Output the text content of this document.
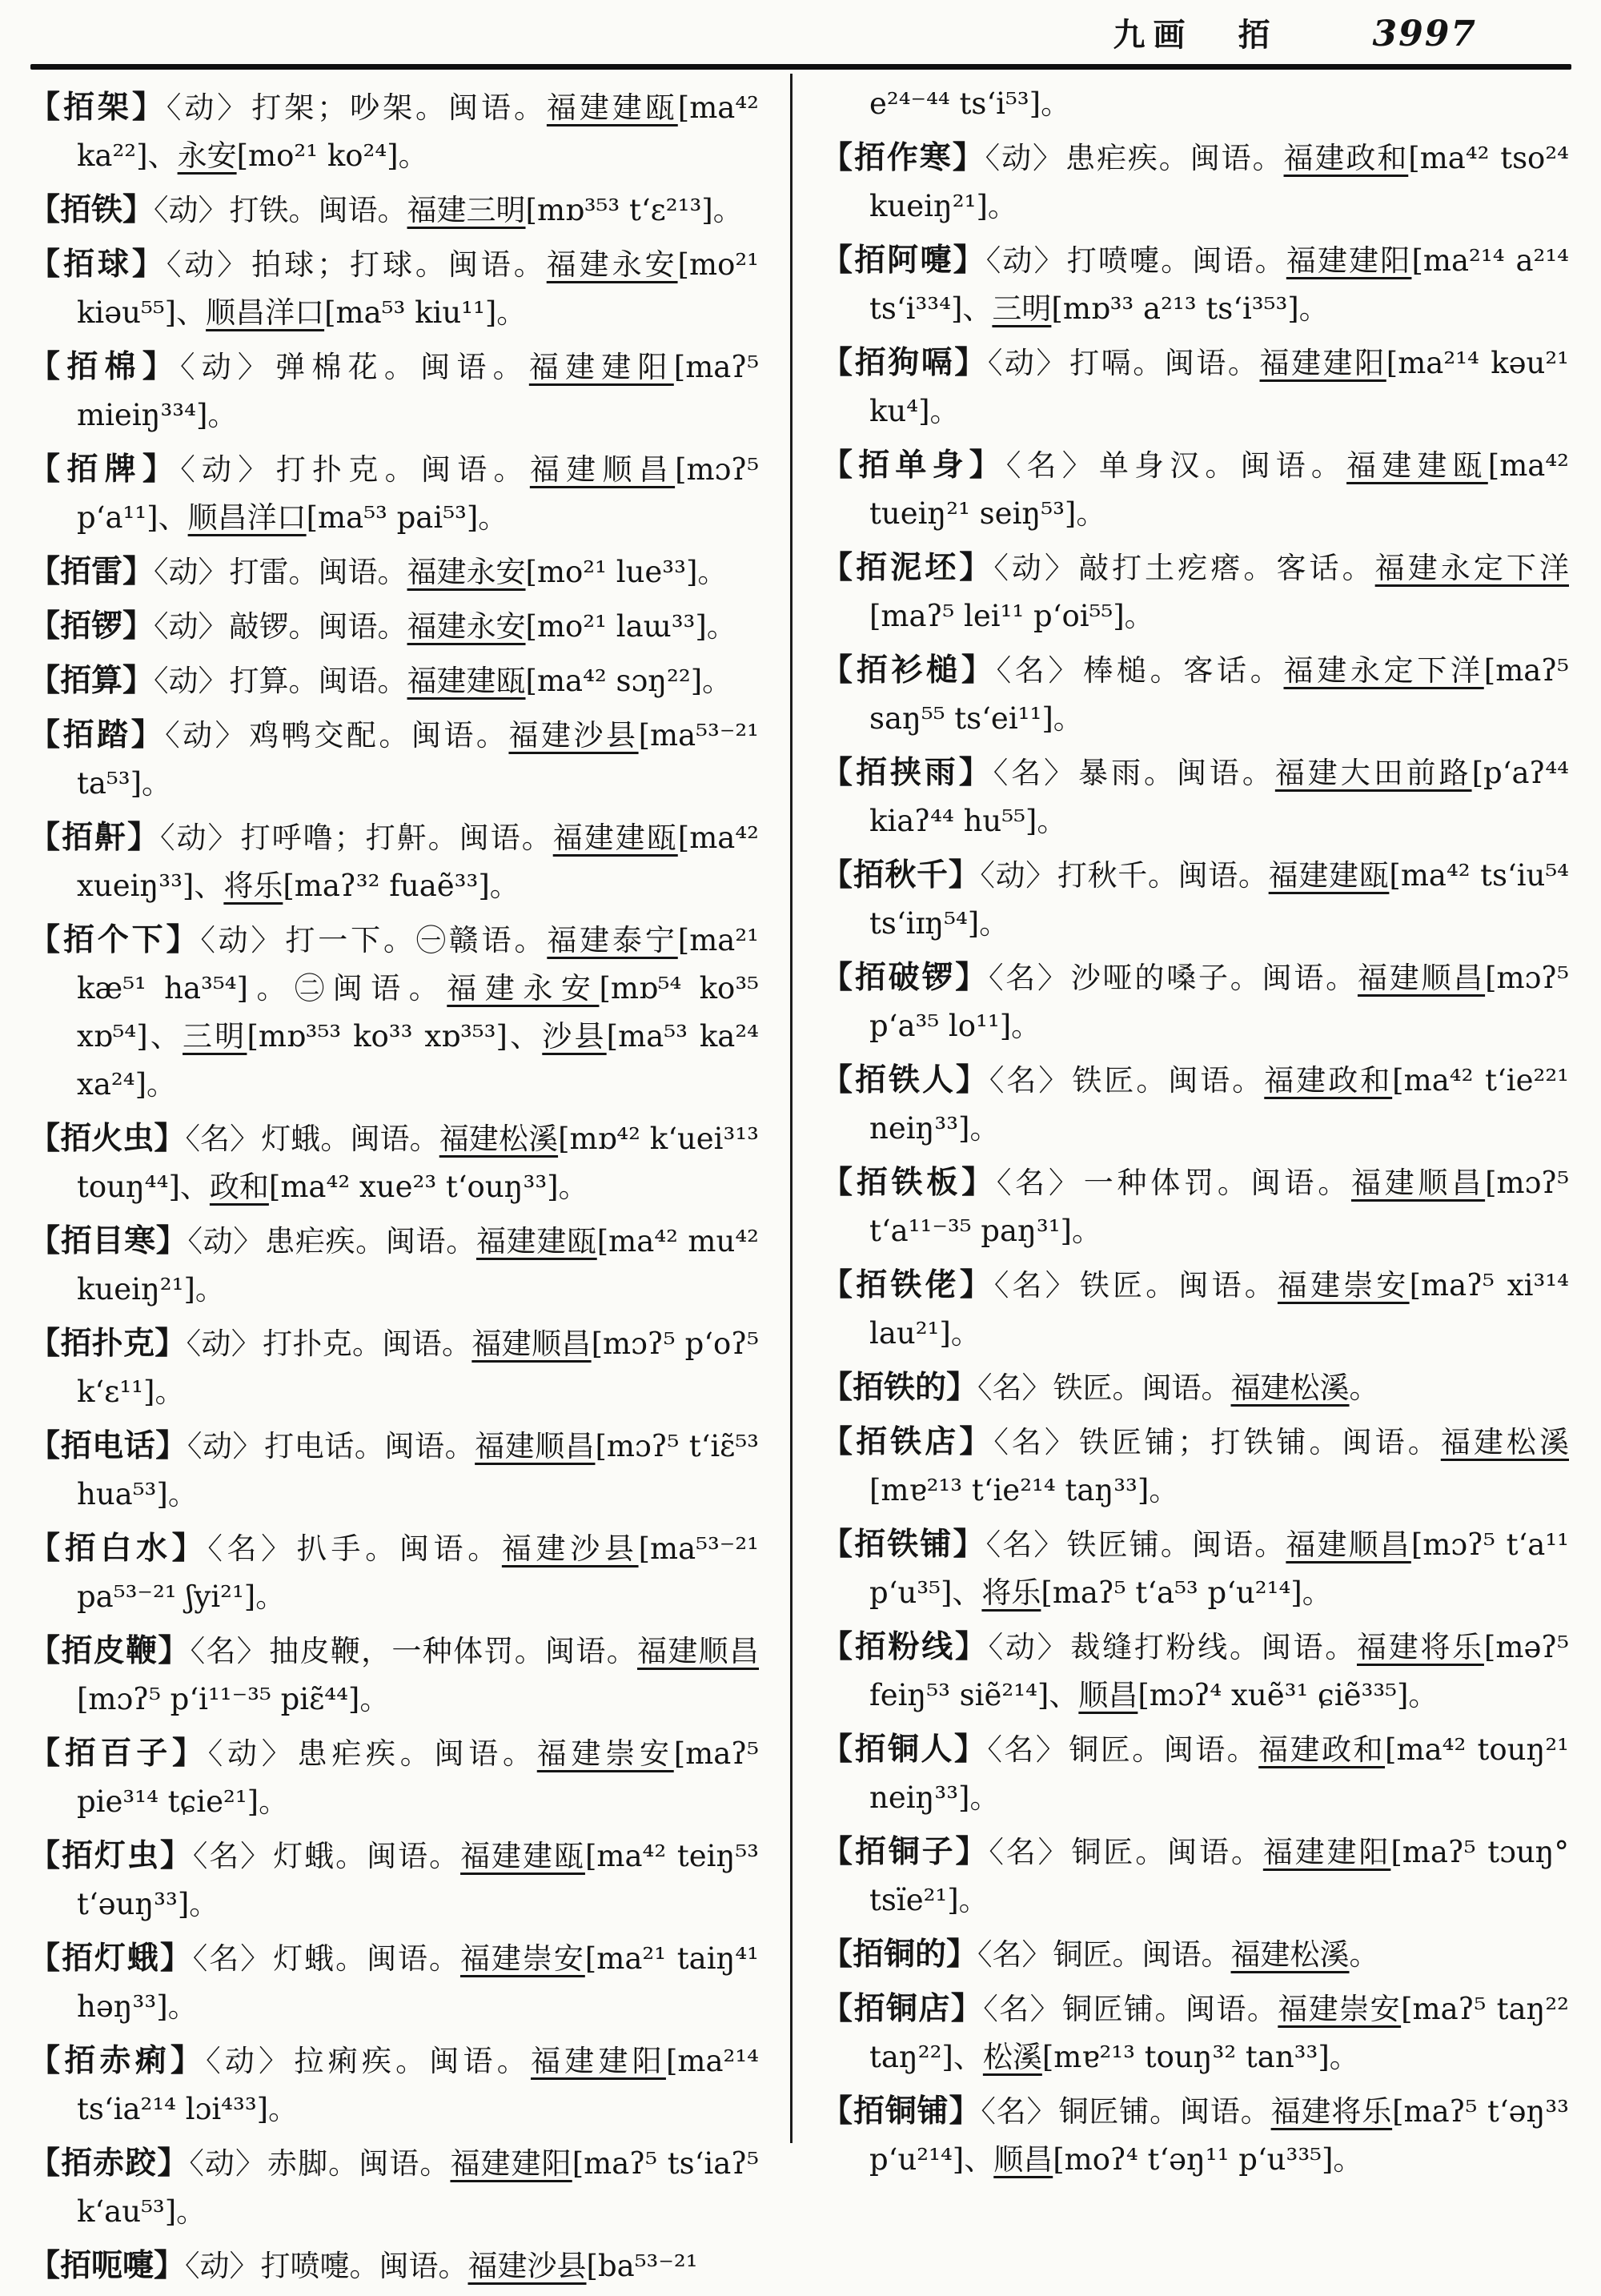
九画 𢫦	3997

【𢫦架】〈动〉打架；吵架。闽语。福建建瓯[ma⁴² ka²²]、永安[mo²¹ ko²⁴]。

【𢫦铁】〈动〉打铁。闽语。福建三明[mɒ³⁵³ t‘ɛ²¹³]。

【𢫦球】〈动〉拍球；打球。闽语。福建永安[mo²¹ kiəu⁵⁵]、顺昌洋口[ma⁵³ kiu¹¹]。

【𢫦棉】〈动〉弹棉花。闽语。福建建阳[maʔ⁵ mieiŋ³³⁴]。

【𢫦牌】〈动〉打扑克。闽语。福建顺昌[mɔʔ⁵ p‘a¹¹]、顺昌洋口[ma⁵³ pai⁵³]。

【𢫦雷】〈动〉打雷。闽语。福建永安[mo²¹ lue³³]。

【𢫦锣】〈动〉敲锣。闽语。福建永安[mo²¹ laɯ³³]。

【𢫦算】〈动〉打算。闽语。福建建瓯[ma⁴² sɔŋ²²]。

【𢫦踏】〈动〉鸡鸭交配。闽语。福建沙县[ma⁵³⁻²¹ ta⁵³]。

【𢫦鼾】〈动〉打呼噜；打鼾。闽语。福建建瓯[ma⁴² xueiŋ³³]、将乐[maʔ³² fuaẽ³³]。

【𢫦个下】〈动〉打一下。㊀赣语。福建泰宁[ma²¹ kæ⁵¹ ha³⁵⁴]。㊁闽语。福建永安[mɒ⁵⁴ ko³⁵ xɒ⁵⁴]、三明[mɒ³⁵³ ko³³ xɒ³⁵³]、沙县[ma⁵³ ka²⁴ xa²⁴]。

【𢫦火虫】〈名〉灯蛾。闽语。福建松溪[mɒ⁴² k‘uei³¹³ touŋ⁴⁴]、政和[ma⁴² xue²³ t‘ouŋ³³]。

【𢫦目寒】〈动〉患疟疾。闽语。福建建瓯[ma⁴² mu⁴² kueiŋ²¹]。

【𢫦扑克】〈动〉打扑克。闽语。福建顺昌[mɔʔ⁵ p‘oʔ⁵ k‘ɛ¹¹]。

【𢫦电话】〈动〉打电话。闽语。福建顺昌[mɔʔ⁵ t‘iɛ̃⁵³ hua⁵³]。

【𢫦白水】〈名〉扒手。闽语。福建沙县[ma⁵³⁻²¹ pa⁵³⁻²¹ ʃyi²¹]。

【𢫦皮鞭】〈名〉抽皮鞭，一种体罚。闽语。福建顺昌[mɔʔ⁵ p‘i¹¹⁻³⁵ piɛ̃⁴⁴]。

【𢫦百子】〈动〉患疟疾。闽语。福建崇安[maʔ⁵ pie³¹⁴ tɕie²¹]。

【𢫦灯虫】〈名〉灯蛾。闽语。福建建瓯[ma⁴² teiŋ⁵³ t‘əuŋ³³]。

【𢫦灯蛾】〈名〉灯蛾。闽语。福建崇安[ma²¹ taiŋ⁴¹ həŋ³³]。

【𢫦赤痢】〈动〉拉痢疾。闽语。福建建阳[ma²¹⁴ ts‘ia²¹⁴ lɔi⁴³³]。

【𢫦赤跤】〈动〉赤脚。闽语。福建建阳[maʔ⁵ ts‘iaʔ⁵ k‘au⁵³]。

【𢫦呃嚏】〈动〉打喷嚏。闽语。福建沙县[ba⁵³⁻²¹

e²⁴⁻⁴⁴ ts‘i⁵³]。

【𢫦作寒】〈动〉患疟疾。闽语。福建政和[ma⁴² tso²⁴ kueiŋ²¹]。

【𢫦阿嚏】〈动〉打喷嚏。闽语。福建建阳[ma²¹⁴ a²¹⁴ ts‘i³³⁴]、三明[mɒ³³ a²¹³ ts‘i³⁵³]。

【𢫦狗嗝】〈动〉打嗝。闽语。福建建阳[ma²¹⁴ kəu²¹ ku⁴]。

【𢫦单身】〈名〉单身汉。闽语。福建建瓯[ma⁴² tueiŋ²¹ seiŋ⁵³]。

【𢫦泥坯】〈动〉敲打土疙瘩。客话。福建永定下洋[maʔ⁵ lei¹¹ p‘oi⁵⁵]。

【𢫦衫槌】〈名〉棒槌。客话。福建永定下洋[maʔ⁵ saŋ⁵⁵ ts‘ei¹¹]。

【𢫦挟雨】〈名〉暴雨。闽语。福建大田前路[p‘aʔ⁴⁴ kiaʔ⁴⁴ hu⁵⁵]。

【𢫦秋千】〈动〉打秋千。闽语。福建建瓯[ma⁴² ts‘iu⁵⁴ ts‘iɪŋ⁵⁴]。

【𢫦破锣】〈名〉沙哑的嗓子。闽语。福建顺昌[mɔʔ⁵ p‘a³⁵ lo¹¹]。

【𢫦铁人】〈名〉铁匠。闽语。福建政和[ma⁴² t‘ie²²¹ neiŋ³³]。

【𢫦铁板】〈名〉一种体罚。闽语。福建顺昌[mɔʔ⁵ t‘a¹¹⁻³⁵ paŋ³¹]。

【𢫦铁佬】〈名〉铁匠。闽语。福建崇安[maʔ⁵ xi³¹⁴ lau²¹]。

【𢫦铁的】〈名〉铁匠。闽语。福建松溪。

【𢫦铁店】〈名〉铁匠铺；打铁铺。闽语。福建松溪[mɐ²¹³ t‘ie²¹⁴ taŋ³³]。

【𢫦铁铺】〈名〉铁匠铺。闽语。福建顺昌[mɔʔ⁵ t‘a¹¹ p‘u³⁵]、将乐[maʔ⁵ t‘a⁵³ p‘u²¹⁴]。

【𢫦粉线】〈动〉裁缝打粉线。闽语。福建将乐[məʔ⁵ feiŋ⁵³ siẽ²¹⁴]、顺昌[mɔʔ⁴ xuẽ³¹ ɕiẽ³³⁵]。

【𢫦铜人】〈名〉铜匠。闽语。福建政和[ma⁴² touŋ²¹ neiŋ³³]。

【𢫦铜子】〈名〉铜匠。闽语。福建建阳[maʔ⁵ tɔuŋ° tsïe²¹]。

【𢫦铜的】〈名〉铜匠。闽语。福建松溪。

【𢫦铜店】〈名〉铜匠铺。闽语。福建崇安[maʔ⁵ taŋ²² taŋ²²]、松溪[mɐ²¹³ touŋ³² tan³³]。

【𢫦铜铺】〈名〉铜匠铺。闽语。福建将乐[maʔ⁵ t‘əŋ³³ p‘u²¹⁴]、顺昌[moʔ⁴ t‘əŋ¹¹ p‘u³³⁵]。
